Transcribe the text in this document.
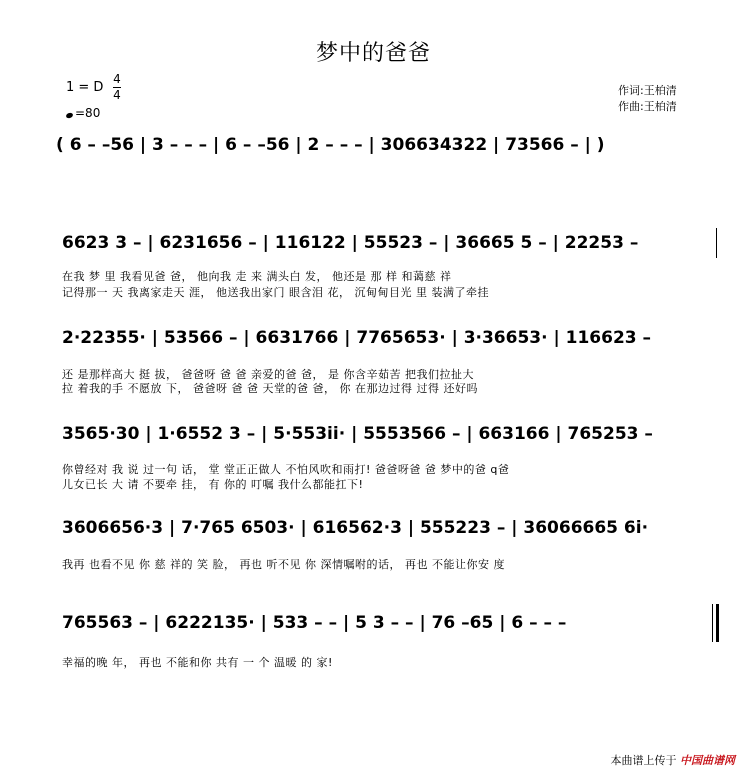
梦中的爸爸
1 = D
4
4
=80
作词:王柏清
作曲:王柏清
( 6 – –56 | 3 – – – | 6 – –56 | 2 – – – | 306634322 | 73566 – | )
6623 3 – | 6231656 – | 116122 | 55523 – | 36665 5 – | 22253 –
在我 梦 里 我看见爸 爸， 他向我 走 来 满头白 发， 他还是 那 样 和蔼慈 祥
记得那一 天 我离家走天 涯， 他送我出家门 眼含泪 花， 沉甸甸目光 里 装满了牵挂
2·22355· | 53566 – | 6631766 | 7765653· | 3·36653· | 116623 –
还 是那样高大 挺 拔， 爸爸呀 爸 爸 亲爱的爸 爸， 是 你含辛茹苦 把我们拉扯大
拉 着我的手 不愿放 下， 爸爸呀 爸 爸 天堂的爸 爸， 你 在那边过得 过得 还好吗
3565·30 | 1·6552 3 – | 5·553ii· | 5553566 – | 663166 | 765253 –
你曾经对 我 说 过一句 话， 堂 堂正正做人 不怕风吹和雨打! 爸爸呀爸 爸 梦中的爸 q爸
儿女已长 大 请 不要牵 挂， 有 你的 叮嘱 我什么都能扛下!
3606656·3 | 7·765 6503· | 616562·3 | 555223 – | 36066665 6i·
我再 也看不见 你 慈 祥的 笑 脸， 再也 听不见 你 深情嘱咐的话， 再也 不能让你安 度
765563 – | 6222135· | 533 – – | 5 3 – – | 76 –65 | 6 – – –
幸福的晚 年， 再也 不能和你 共有 一 个 温暖 的 家!
本曲谱上传于 中国曲谱网
